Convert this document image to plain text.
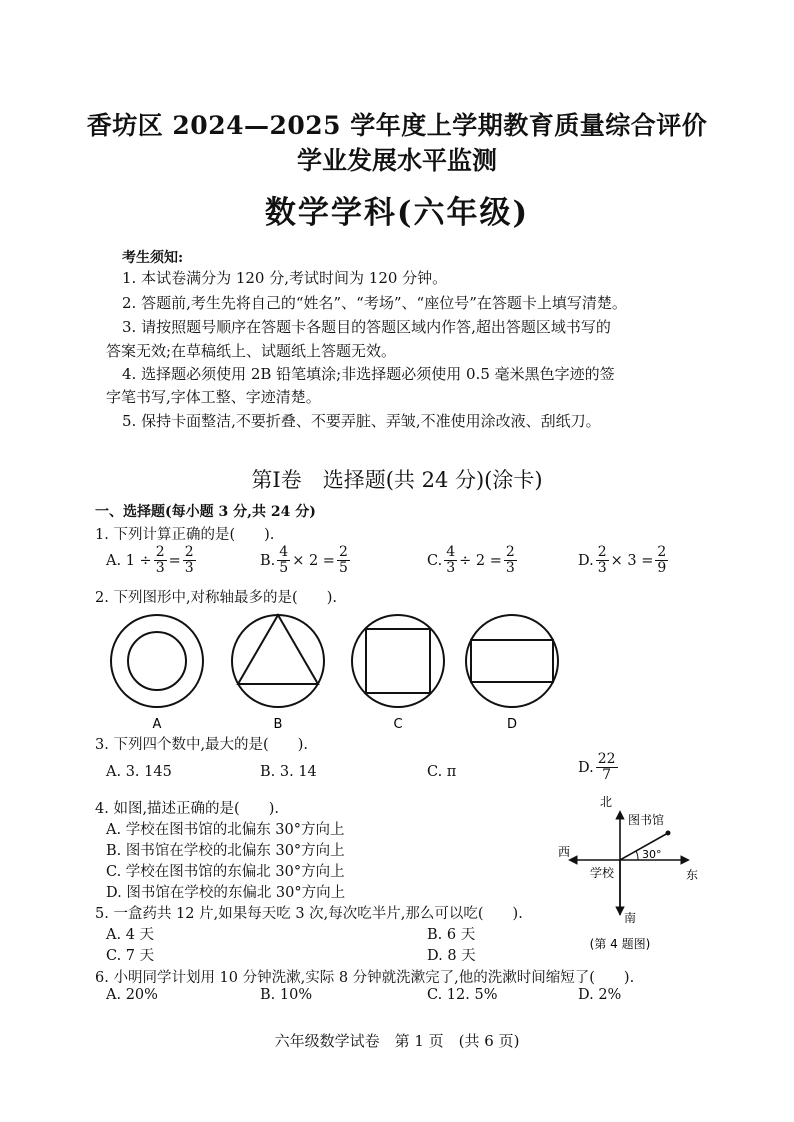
香坊区 2024—2025 学年度上学期教育质量综合评价
学业发展水平监测
数学学科(六年级)
考生须知:
1. 本试卷满分为 120 分,考试时间为 120 分钟。
2. 答题前,考生先将自己的“姓名”、“考场”、“座位号”在答题卡上填写清楚。
3. 请按照题号顺序在答题卡各题目的答题区域内作答,超出答题区域书写的
答案无效;在草稿纸上、试题纸上答题无效。
4. 选择题必须使用 2B 铅笔填涂;非选择题必须使用 0.5 毫米黑色字迹的签
字笔书写,字体工整、字迹清楚。
5. 保持卡面整洁,不要折叠、不要弄脏、弄皱,不准使用涂改液、刮纸刀。
第Ⅰ卷　选择题(共 24 分)(涂卡)
一、选择题(每小题 3 分,共 24 分)
1. 下列计算正确的是(　　).
A. $1 \div \frac{2}{3} = \frac{2}{3}$	B. $\frac{4}{5} \times 2 = \frac{2}{5}$	C. $\frac{4}{3} \div 2 = \frac{2}{3}$	D. $\frac{2}{3} \times 3 = \frac{2}{9}$
2. 下列图形中,对称轴最多的是(　　).
A	B	C	D
3. 下列四个数中,最大的是(　　).
A. 3. 145	B. 3. 14	C. π	D. $\frac{22}{7}$
4. 如图,描述正确的是(　　).
A. 学校在图书馆的北偏东 30°方向上
B. 图书馆在学校的北偏东 30°方向上
C. 学校在图书馆的东偏北 30°方向上
D. 图书馆在学校的东偏北 30°方向上
北
南
西
东
图书馆
学校
30°
(第 4 题图)
5. 一盒药共 12 片,如果每天吃 3 次,每次吃半片,那么可以吃(　　).
A. 4 天	B. 6 天
C. 7 天	D. 8 天
6. 小明同学计划用 10 分钟洗漱,实际 8 分钟就洗漱完了,他的洗漱时间缩短了(　　).
A. 20%	B. 10%	C. 12. 5%	D. 2%
六年级数学试卷　第 1 页　(共 6 页)
